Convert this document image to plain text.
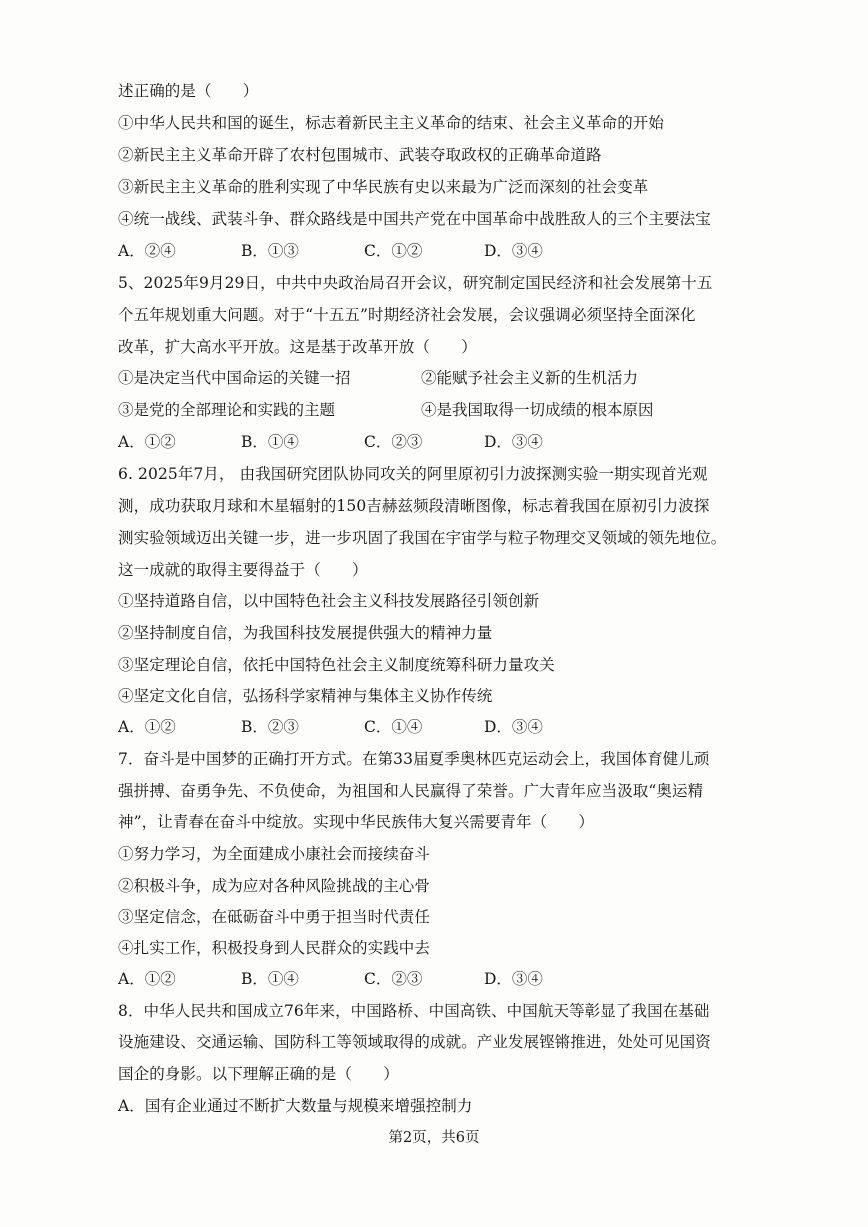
述正确的是（　　）
①中华人民共和国的诞生，标志着新民主主义革命的结束、社会主义革命的开始
②新民主主义革命开辟了农村包围城市、武装夺取政权的正确革命道路
③新民主主义革命的胜利实现了中华民族有史以来最为广泛而深刻的社会变革
④统一战线、武装斗争、群众路线是中国共产党在中国革命中战胜敌人的三个主要法宝
A．②④	B．①③	C．①②	D．③④
5、2025年9月29日，中共中央政治局召开会议，研究制定国民经济和社会发展第十五
个五年规划重大问题。对于“十五五”时期经济社会发展，会议强调必须坚持全面深化
改革，扩大高水平开放。这是基于改革开放（　　）
①是决定当代中国命运的关键一招	②能赋予社会主义新的生机活力
③是党的全部理论和实践的主题	④是我国取得一切成绩的根本原因
A．①②	B．①④	C．②③	D．③④
6. 2025年7月， 由我国研究团队协同攻关的阿里原初引力波探测实验一期实现首光观
测，成功获取月球和木星辐射的150吉赫兹频段清晰图像，标志着我国在原初引力波探
测实验领域迈出关键一步，进一步巩固了我国在宇宙学与粒子物理交叉领域的领先地位。
这一成就的取得主要得益于（　　）
①坚持道路自信，以中国特色社会主义科技发展路径引领创新
②坚持制度自信，为我国科技发展提供强大的精神力量
③坚定理论自信，依托中国特色社会主义制度统筹科研力量攻关
④坚定文化自信，弘扬科学家精神与集体主义协作传统
A．①②	B．②③	C．①④	D．③④
7．奋斗是中国梦的正确打开方式。在第33届夏季奥林匹克运动会上，我国体育健儿顽
强拼搏、奋勇争先、不负使命，为祖国和人民赢得了荣誉。广大青年应当汲取“奥运精
神”，让青春在奋斗中绽放。实现中华民族伟大复兴需要青年（　　）
①努力学习，为全面建成小康社会而接续奋斗
②积极斗争，成为应对各种风险挑战的主心骨
③坚定信念，在砥砺奋斗中勇于担当时代责任
④扎实工作，积极投身到人民群众的实践中去
A．①②	B．①④	C．②③	D．③④
8．中华人民共和国成立76年来，中国路桥、中国高铁、中国航天等彰显了我国在基础
设施建设、交通运输、国防科工等领域取得的成就。产业发展铿锵推进，处处可见国资
国企的身影。以下理解正确的是（　　）
A．国有企业通过不断扩大数量与规模来增强控制力
第2页，共6页
